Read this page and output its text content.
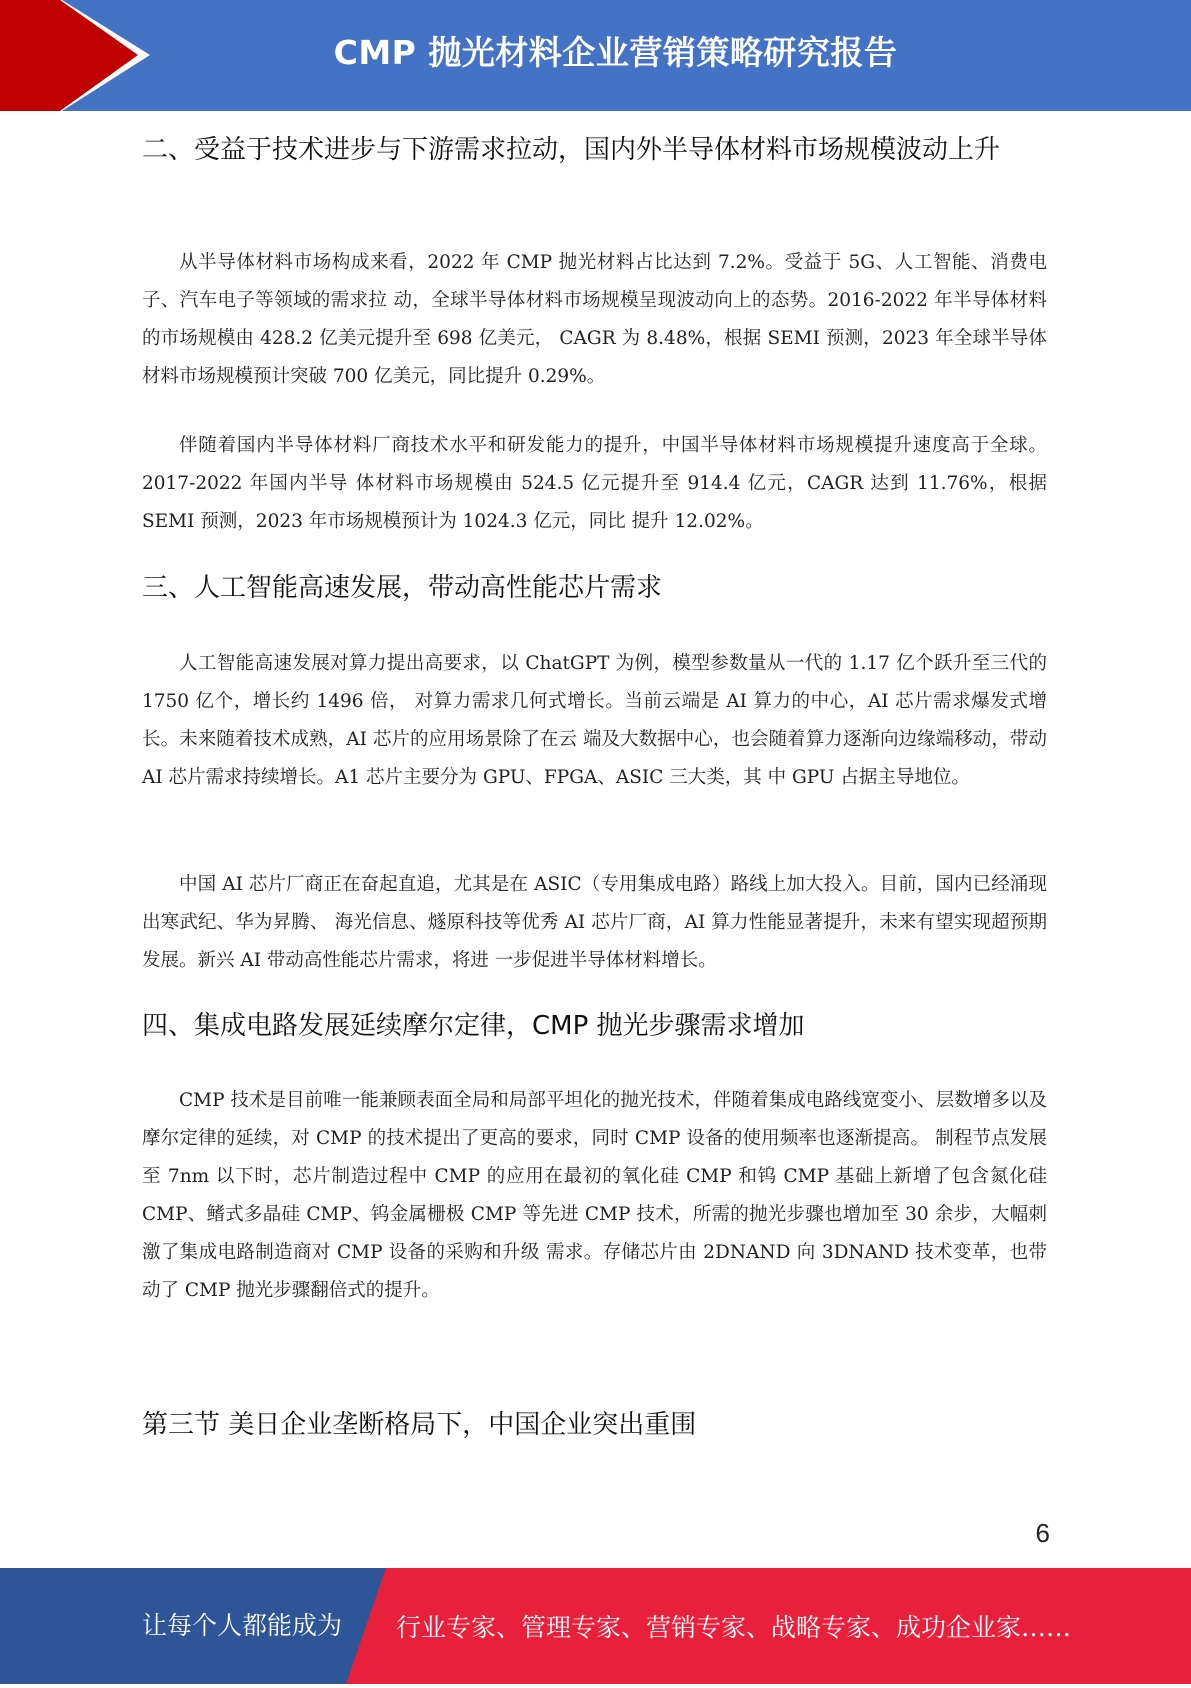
CMP 抛光材料企业营销策略研究报告
二、受益于技术进步与下游需求拉动，国内外半导体材料市场规模波动上升

从半导体材料市场构成来看，2022 年 CMP 抛光材料占比达到 7.2%。受益于 5G、人工智能、消费电子、汽车电子等领域的需求拉 动，全球半导体材料市场规模呈现波动向上的态势。2016-2022 年半导体材料的市场规模由 428.2 亿美元提升至 698 亿美元， CAGR 为 8.48%，根据 SEMI 预测，2023 年全球半导体材料市场规模预计突破 700 亿美元，同比提升 0.29%。

伴随着国内半导体材料厂商技术水平和研发能力的提升，中国半导体材料市场规模提升速度高于全球。2017-2022 年国内半导 体材料市场规模由 524.5 亿元提升至 914.4 亿元，CAGR 达到 11.76%，根据 SEMI 预测，2023 年市场规模预计为 1024.3 亿元，同比 提升 12.02%。

三、人工智能高速发展，带动高性能芯片需求

人工智能高速发展对算力提出高要求，以 ChatGPT 为例，模型参数量从一代的 1.17 亿个跃升至三代的 1750 亿个，增长约 1496 倍， 对算力需求几何式增长。当前云端是 AI 算力的中心，AI 芯片需求爆发式增长。未来随着技术成熟，AI 芯片的应用场景除了在云 端及大数据中心，也会随着算力逐渐向边缘端移动，带动 AI 芯片需求持续增长。A1 芯片主要分为 GPU、FPGA、ASIC 三大类，其 中 GPU 占据主导地位。

中国 AI 芯片厂商正在奋起直追，尤其是在 ASIC（专用集成电路）路线上加大投入。目前，国内已经涌现出寒武纪、华为昇腾、 海光信息、燧原科技等优秀 AI 芯片厂商，AI 算力性能显著提升，未来有望实现超预期发展。新兴 AI 带动高性能芯片需求，将进 一步促进半导体材料增长。

四、集成电路发展延续摩尔定律，CMP 抛光步骤需求增加

CMP 技术是目前唯一能兼顾表面全局和局部平坦化的抛光技术，伴随着集成电路线宽变小、层数增多以及摩尔定律的延续，对 CMP 的技术提出了更高的要求，同时 CMP 设备的使用频率也逐渐提高。 制程节点发展至 7nm 以下时，芯片制造过程中 CMP 的应用在最初的氧化硅 CMP 和钨 CMP 基础上新增了包含氮化硅 CMP、鳍式多晶硅 CMP、钨金属栅极 CMP 等先进 CMP 技术，所需的抛光步骤也增加至 30 余步，大幅刺激了集成电路制造商对 CMP 设备的采购和升级 需求。存储芯片由 2DNAND 向 3DNAND 技术变革，也带动了 CMP 抛光步骤翻倍式的提升。

第三节 美日企业垄断格局下，中国企业突出重围
6
让每个人都能成为 行业专家、管理专家、营销专家、战略专家、成功企业家……
